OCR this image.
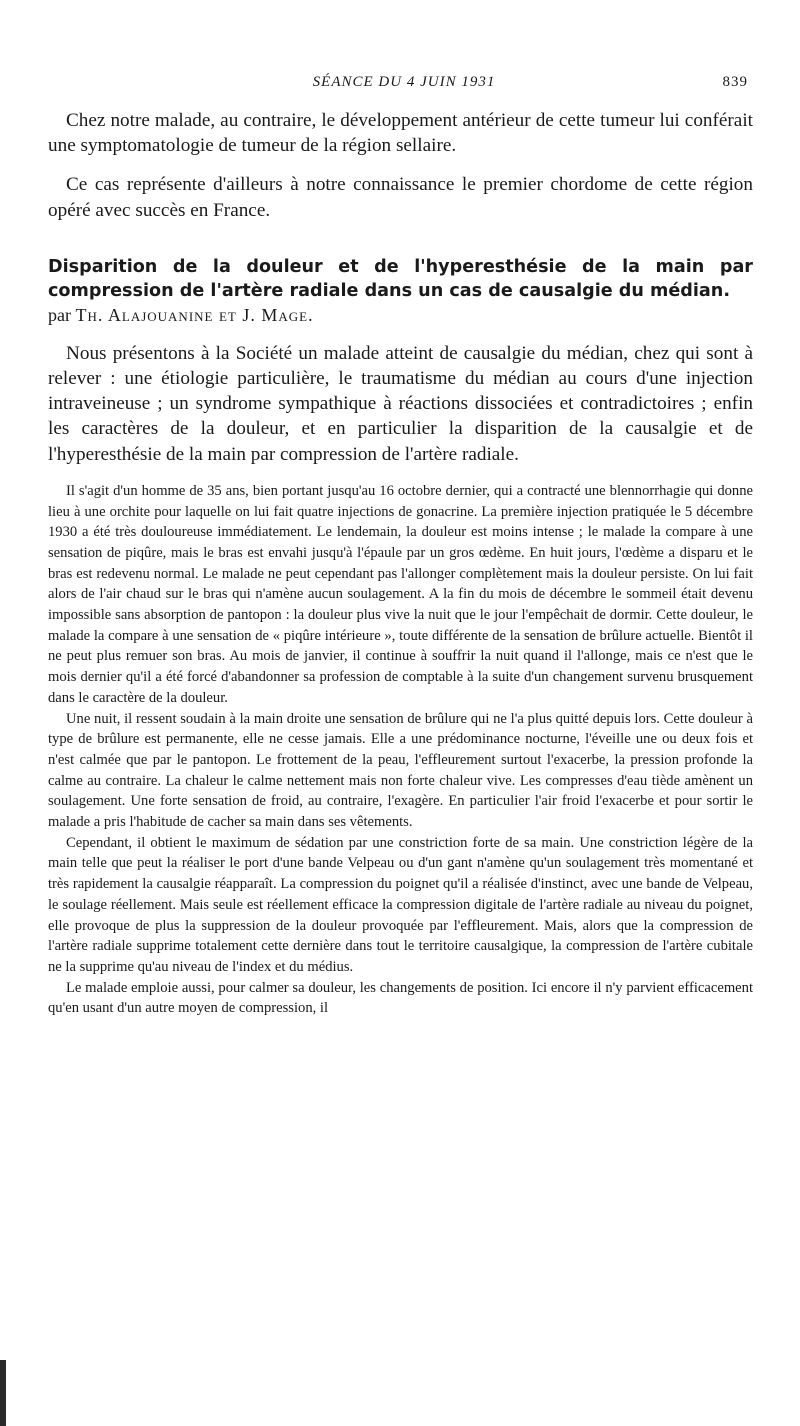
SÉANCE DU 4 JUIN 1931	839

Chez notre malade, au contraire, le développement antérieur de cette tumeur lui conférait une symptomatologie de tumeur de la région sellaire.

Ce cas représente d'ailleurs à notre connaissance le premier chordome de cette région opéré avec succès en France.

Disparition de la douleur et de l'hyperesthésie de la main par compression de l'artère radiale dans un cas de causalgie du médian.

par Th. Alajouanine et J. Mage.

Nous présentons à la Société un malade atteint de causalgie du médian, chez qui sont à relever : une étiologie particulière, le traumatisme du médian au cours d'une injection intraveineuse ; un syndrome sympathique à réactions dissociées et contradictoires ; enfin les caractères de la douleur, et en particulier la disparition de la causalgie et de l'hyperesthésie de la main par compression de l'artère radiale.

Il s'agit d'un homme de 35 ans, bien portant jusqu'au 16 octobre dernier, qui a contracté une blennorrhagie qui donne lieu à une orchite pour laquelle on lui fait quatre injections de gonacrine. La première injection pratiquée le 5 décembre 1930 a été très douloureuse immédiatement. Le lendemain, la douleur est moins intense ; le malade la compare à une sensation de piqûre, mais le bras est envahi jusqu'à l'épaule par un gros œdème. En huit jours, l'œdème a disparu et le bras est redevenu normal. Le malade ne peut cependant pas l'allonger complètement mais la douleur persiste. On lui fait alors de l'air chaud sur le bras qui n'amène aucun soulagement. A la fin du mois de décembre le sommeil était devenu impossible sans absorption de pantopon : la douleur plus vive la nuit que le jour l'empêchait de dormir. Cette douleur, le malade la compare à une sensation de « piqûre intérieure », toute différente de la sensation de brûlure actuelle. Bientôt il ne peut plus remuer son bras. Au mois de janvier, il continue à souffrir la nuit quand il l'allonge, mais ce n'est que le mois dernier qu'il a été forcé d'abandonner sa profession de comptable à la suite d'un changement survenu brusquement dans le caractère de la douleur.

Une nuit, il ressent soudain à la main droite une sensation de brûlure qui ne l'a plus quitté depuis lors. Cette douleur à type de brûlure est permanente, elle ne cesse jamais. Elle a une prédominance nocturne, l'éveille une ou deux fois et n'est calmée que par le pantopon. Le frottement de la peau, l'effleurement surtout l'exacerbe, la pression profonde la calme au contraire. La chaleur le calme nettement mais non forte chaleur vive. Les compresses d'eau tiède amènent un soulagement. Une forte sensation de froid, au contraire, l'exagère. En particulier l'air froid l'exacerbe et pour sortir le malade a pris l'habitude de cacher sa main dans ses vêtements.

Cependant, il obtient le maximum de sédation par une constriction forte de sa main. Une constriction légère de la main telle que peut la réaliser le port d'une bande Velpeau ou d'un gant n'amène qu'un soulagement très momentané et très rapidement la causalgie réapparaît. La compression du poignet qu'il a réalisée d'instinct, avec une bande de Velpeau, le soulage réellement. Mais seule est réellement efficace la compression digitale de l'artère radiale au niveau du poignet, elle provoque de plus la suppression de la douleur provoquée par l'effleurement. Mais, alors que la compression de l'artère radiale supprime totalement cette dernière dans tout le territoire causalgique, la compression de l'artère cubitale ne la supprime qu'au niveau de l'index et du médius.

Le malade emploie aussi, pour calmer sa douleur, les changements de position. Ici encore il n'y parvient efficacement qu'en usant d'un autre moyen de compression, il
